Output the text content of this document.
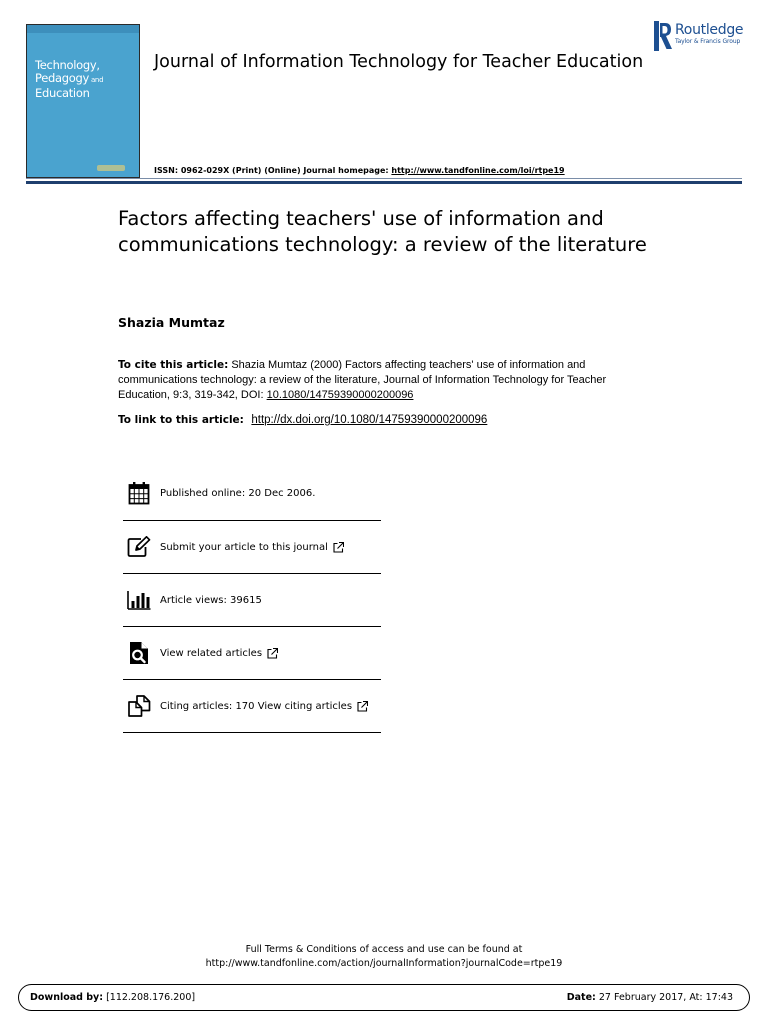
Technology,
Pedagogy and
Education
Journal of Information Technology for Teacher Education
Routledge
Taylor & Francis Group
ISSN: 0962-029X (Print) (Online) Journal homepage: http://www.tandfonline.com/loi/rtpe19
Factors affecting teachers' use of information and communications technology: a review of the literature
Shazia Mumtaz
To cite this article: Shazia Mumtaz (2000) Factors affecting teachers' use of information and communications technology: a review of the literature, Journal of Information Technology for Teacher Education, 9:3, 319-342, DOI: 10.1080/14759390000200096
To link to this article: http://dx.doi.org/10.1080/14759390000200096
Published online: 20 Dec 2006.
Submit your article to this journal
Article views: 39615
View related articles
Citing articles: 170 View citing articles
Full Terms & Conditions of access and use can be found at
http://www.tandfonline.com/action/journalInformation?journalCode=rtpe19
Download by: [112.208.176.200]	Date: 27 February 2017, At: 17:43
